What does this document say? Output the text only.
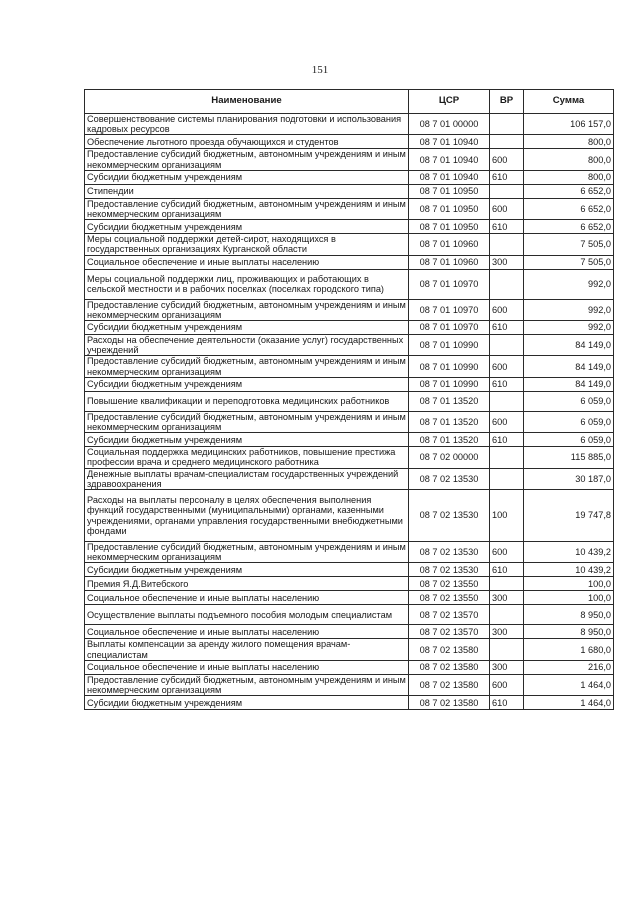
151
Наименование	ЦСР	ВР	Сумма
Совершенствование системы планирования подготовки и использования кадровых ресурсов	08 7 01 00000		106 157,0
Обеспечение льготного проезда обучающихся и студентов	08 7 01 10940		800,0
Предоставление субсидий бюджетным, автономным учреждениям и иным некоммерческим организациям	08 7 01 10940	600	800,0
Субсидии бюджетным учреждениям	08 7 01 10940	610	800,0
Стипендии	08 7 01 10950		6 652,0
Предоставление субсидий бюджетным, автономным учреждениям и иным некоммерческим организациям	08 7 01 10950	600	6 652,0
Субсидии бюджетным учреждениям	08 7 01 10950	610	6 652,0
Меры социальной поддержки детей-сирот, находящихся в государственных организациях Курганской области	08 7 01 10960		7 505,0
Социальное обеспечение и иные выплаты населению	08 7 01 10960	300	7 505,0
Меры социальной поддержки лиц, проживающих и работающих в сельской местности и в рабочих поселках (поселках городского типа)	08 7 01 10970		992,0
Предоставление субсидий бюджетным, автономным учреждениям и иным некоммерческим организациям	08 7 01 10970	600	992,0
Субсидии бюджетным учреждениям	08 7 01 10970	610	992,0
Расходы на обеспечение деятельности (оказание услуг) государственных учреждений	08 7 01 10990		84 149,0
Предоставление субсидий бюджетным, автономным учреждениям и иным некоммерческим организациям	08 7 01 10990	600	84 149,0
Субсидии бюджетным учреждениям	08 7 01 10990	610	84 149,0
Повышение квалификации и переподготовка медицинских работников	08 7 01 13520		6 059,0
Предоставление субсидий бюджетным, автономным учреждениям и иным некоммерческим организациям	08 7 01 13520	600	6 059,0
Субсидии бюджетным учреждениям	08 7 01 13520	610	6 059,0
Социальная поддержка медицинских работников, повышение престижа профессии врача и среднего медицинского работника	08 7 02 00000		115 885,0
Денежные выплаты врачам-специалистам государственных учреждений здравоохранения	08 7 02 13530		30 187,0
Расходы на выплаты персоналу в целях обеспечения выполнения функций государственными (муниципальными) органами, казенными учреждениями, органами управления государственными внебюджетными фондами	08 7 02 13530	100	19 747,8
Предоставление субсидий бюджетным, автономным учреждениям и иным некоммерческим организациям	08 7 02 13530	600	10 439,2
Субсидии бюджетным учреждениям	08 7 02 13530	610	10 439,2
Премия Я.Д.Витебского	08 7 02 13550		100,0
Социальное обеспечение и иные выплаты населению	08 7 02 13550	300	100,0
Осуществление выплаты подъемного пособия молодым специалистам	08 7 02 13570		8 950,0
Социальное обеспечение и иные выплаты населению	08 7 02 13570	300	8 950,0
Выплаты компенсации за аренду жилого помещения врачам-специалистам	08 7 02 13580		1 680,0
Социальное обеспечение и иные выплаты населению	08 7 02 13580	300	216,0
Предоставление субсидий бюджетным, автономным учреждениям и иным некоммерческим организациям	08 7 02 13580	600	1 464,0
Субсидии бюджетным учреждениям	08 7 02 13580	610	1 464,0
